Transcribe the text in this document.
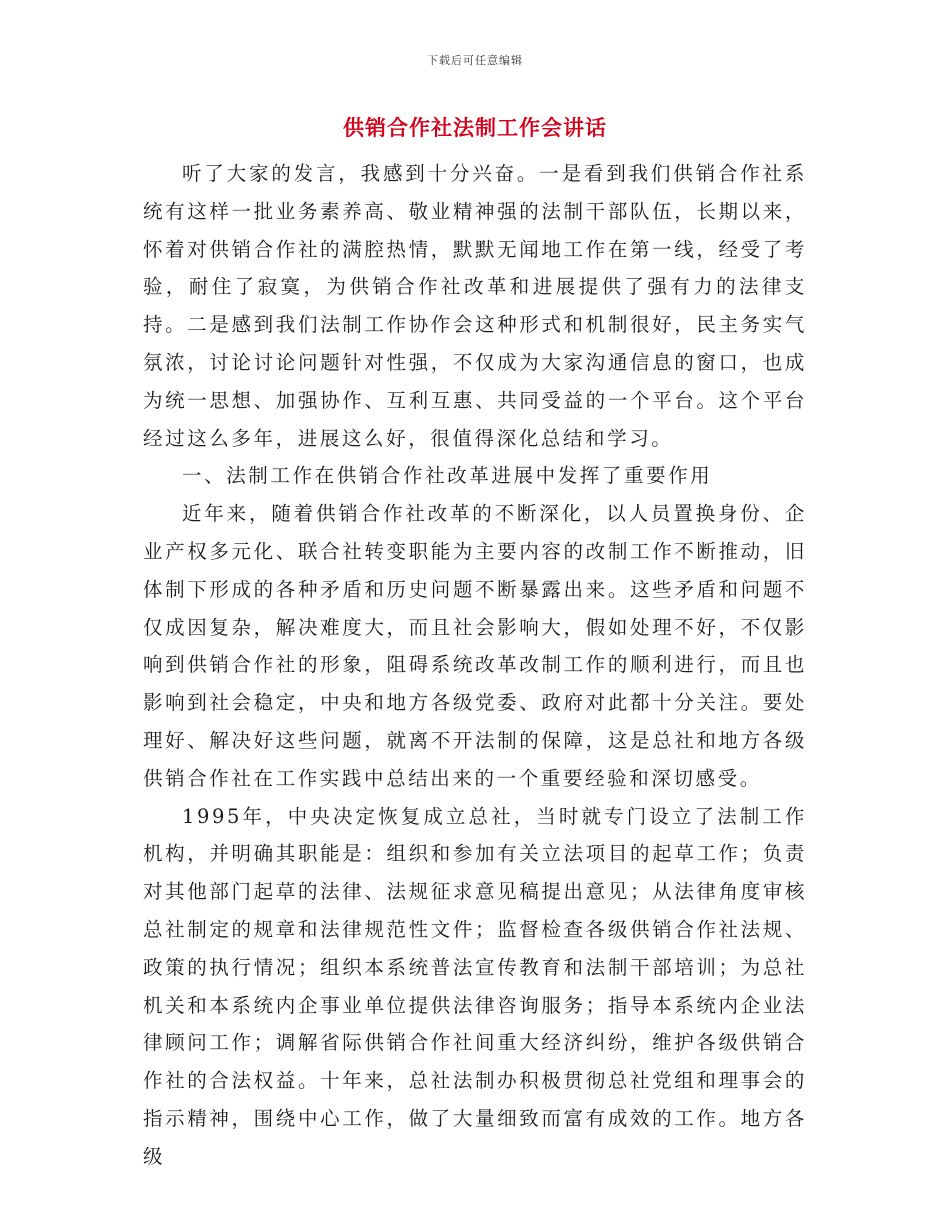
下载后可任意编辑
供销合作社法制工作会讲话

听了大家的发言，我感到十分兴奋。一是看到我们供销合作社系统有这样一批业务素养高、敬业精神强的法制干部队伍，长期以来，怀着对供销合作社的满腔热情，默默无闻地工作在第一线，经受了考验，耐住了寂寞，为供销合作社改革和进展提供了强有力的法律支持。二是感到我们法制工作协作会这种形式和机制很好，民主务实气氛浓，讨论讨论问题针对性强，不仅成为大家沟通信息的窗口，也成为统一思想、加强协作、互利互惠、共同受益的一个平台。这个平台经过这么多年，进展这么好，很值得深化总结和学习。

一、法制工作在供销合作社改革进展中发挥了重要作用

近年来，随着供销合作社改革的不断深化，以人员置换身份、企业产权多元化、联合社转变职能为主要内容的改制工作不断推动，旧体制下形成的各种矛盾和历史问题不断暴露出来。这些矛盾和问题不仅成因复杂，解决难度大，而且社会影响大，假如处理不好，不仅影响到供销合作社的形象，阻碍系统改革改制工作的顺利进行，而且也影响到社会稳定，中央和地方各级党委、政府对此都十分关注。要处理好、解决好这些问题，就离不开法制的保障，这是总社和地方各级供销合作社在工作实践中总结出来的一个重要经验和深切感受。

1995年，中央决定恢复成立总社，当时就专门设立了法制工作机构，并明确其职能是：组织和参加有关立法项目的起草工作；负责对其他部门起草的法律、法规征求意见稿提出意见；从法律角度审核总社制定的规章和法律规范性文件；监督检查各级供销合作社法规、政策的执行情况；组织本系统普法宣传教育和法制干部培训；为总社机关和本系统内企事业单位提供法律咨询服务；指导本系统内企业法律顾问工作；调解省际供销合作社间重大经济纠纷，维护各级供销合作社的合法权益。十年来，总社法制办积极贯彻总社党组和理事会的指示精神，围绕中心工作，做了大量细致而富有成效的工作。地方各级
